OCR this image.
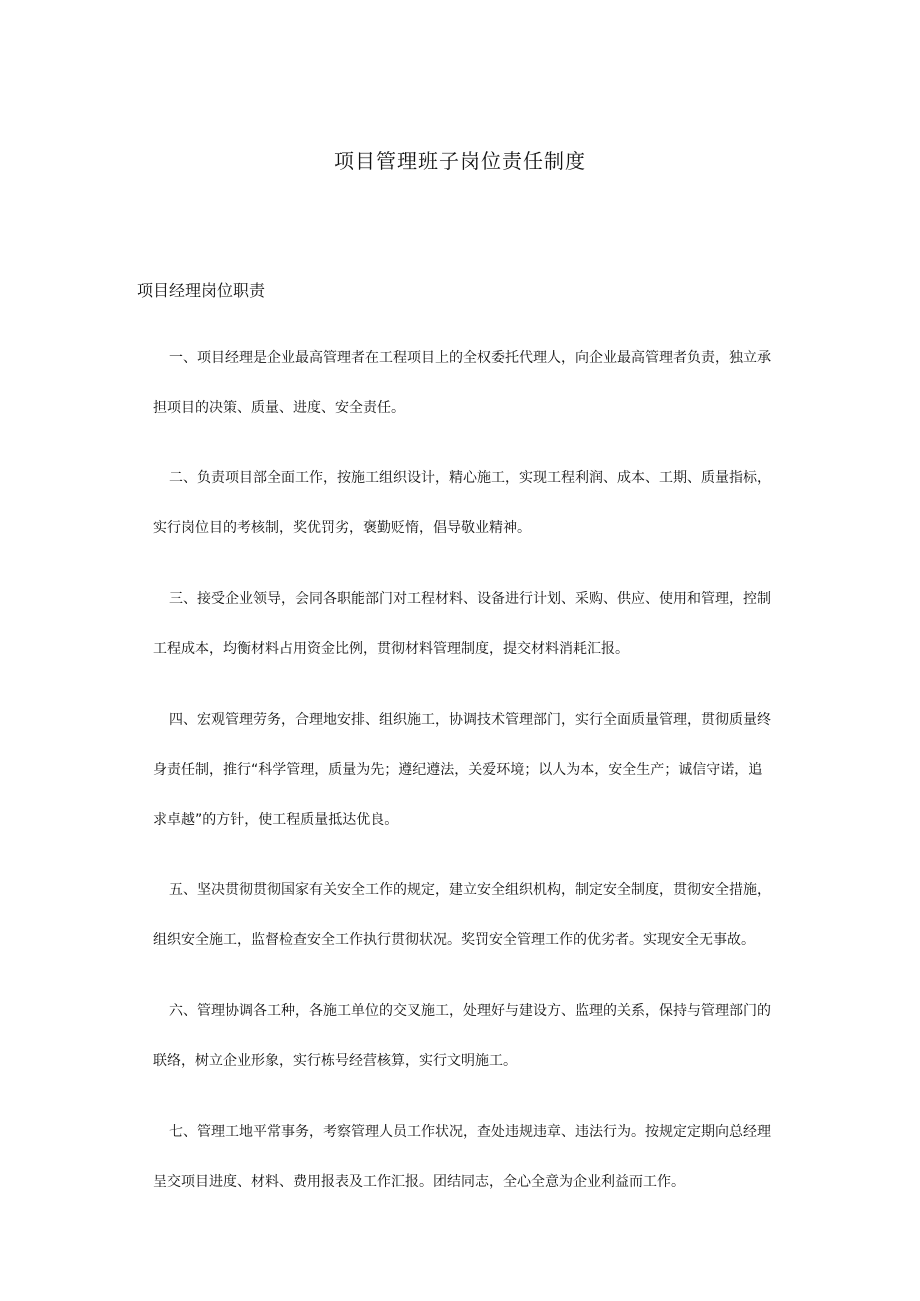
项目管理班子岗位责任制度
项目经理岗位职责

一、项目经理是企业最高管理者在工程项目上的全权委托代理人，向企业最高管理者负责，独立承
担项目的决策、质量、进度、安全责任。

二、负责项目部全面工作，按施工组织设计，精心施工，实现工程利润、成本、工期、质量指标，
实行岗位目的考核制，奖优罚劣，褒勤贬惰，倡导敬业精神。

三、接受企业领导，会同各职能部门对工程材料、设备进行计划、采购、供应、使用和管理，控制
工程成本，均衡材料占用资金比例，贯彻材料管理制度，提交材料消耗汇报。

四、宏观管理劳务，合理地安排、组织施工，协调技术管理部门，实行全面质量管理，贯彻质量终
身责任制，推行“科学管理，质量为先；遵纪遵法，关爱环境；以人为本，安全生产；诚信守诺，追
求卓越”的方针，使工程质量抵达优良。

五、坚决贯彻贯彻国家有关安全工作的规定，建立安全组织机构，制定安全制度，贯彻安全措施，
组织安全施工，监督检查安全工作执行贯彻状况。奖罚安全管理工作的优劣者。实现安全无事故。

六、管理协调各工种，各施工单位的交叉施工，处理好与建设方、监理的关系，保持与管理部门的
联络，树立企业形象，实行栋号经营核算，实行文明施工。

七、管理工地平常事务，考察管理人员工作状况，查处违规违章、违法行为。按规定定期向总经理
呈交项目进度、材料、费用报表及工作汇报。团结同志，全心全意为企业利益而工作。
